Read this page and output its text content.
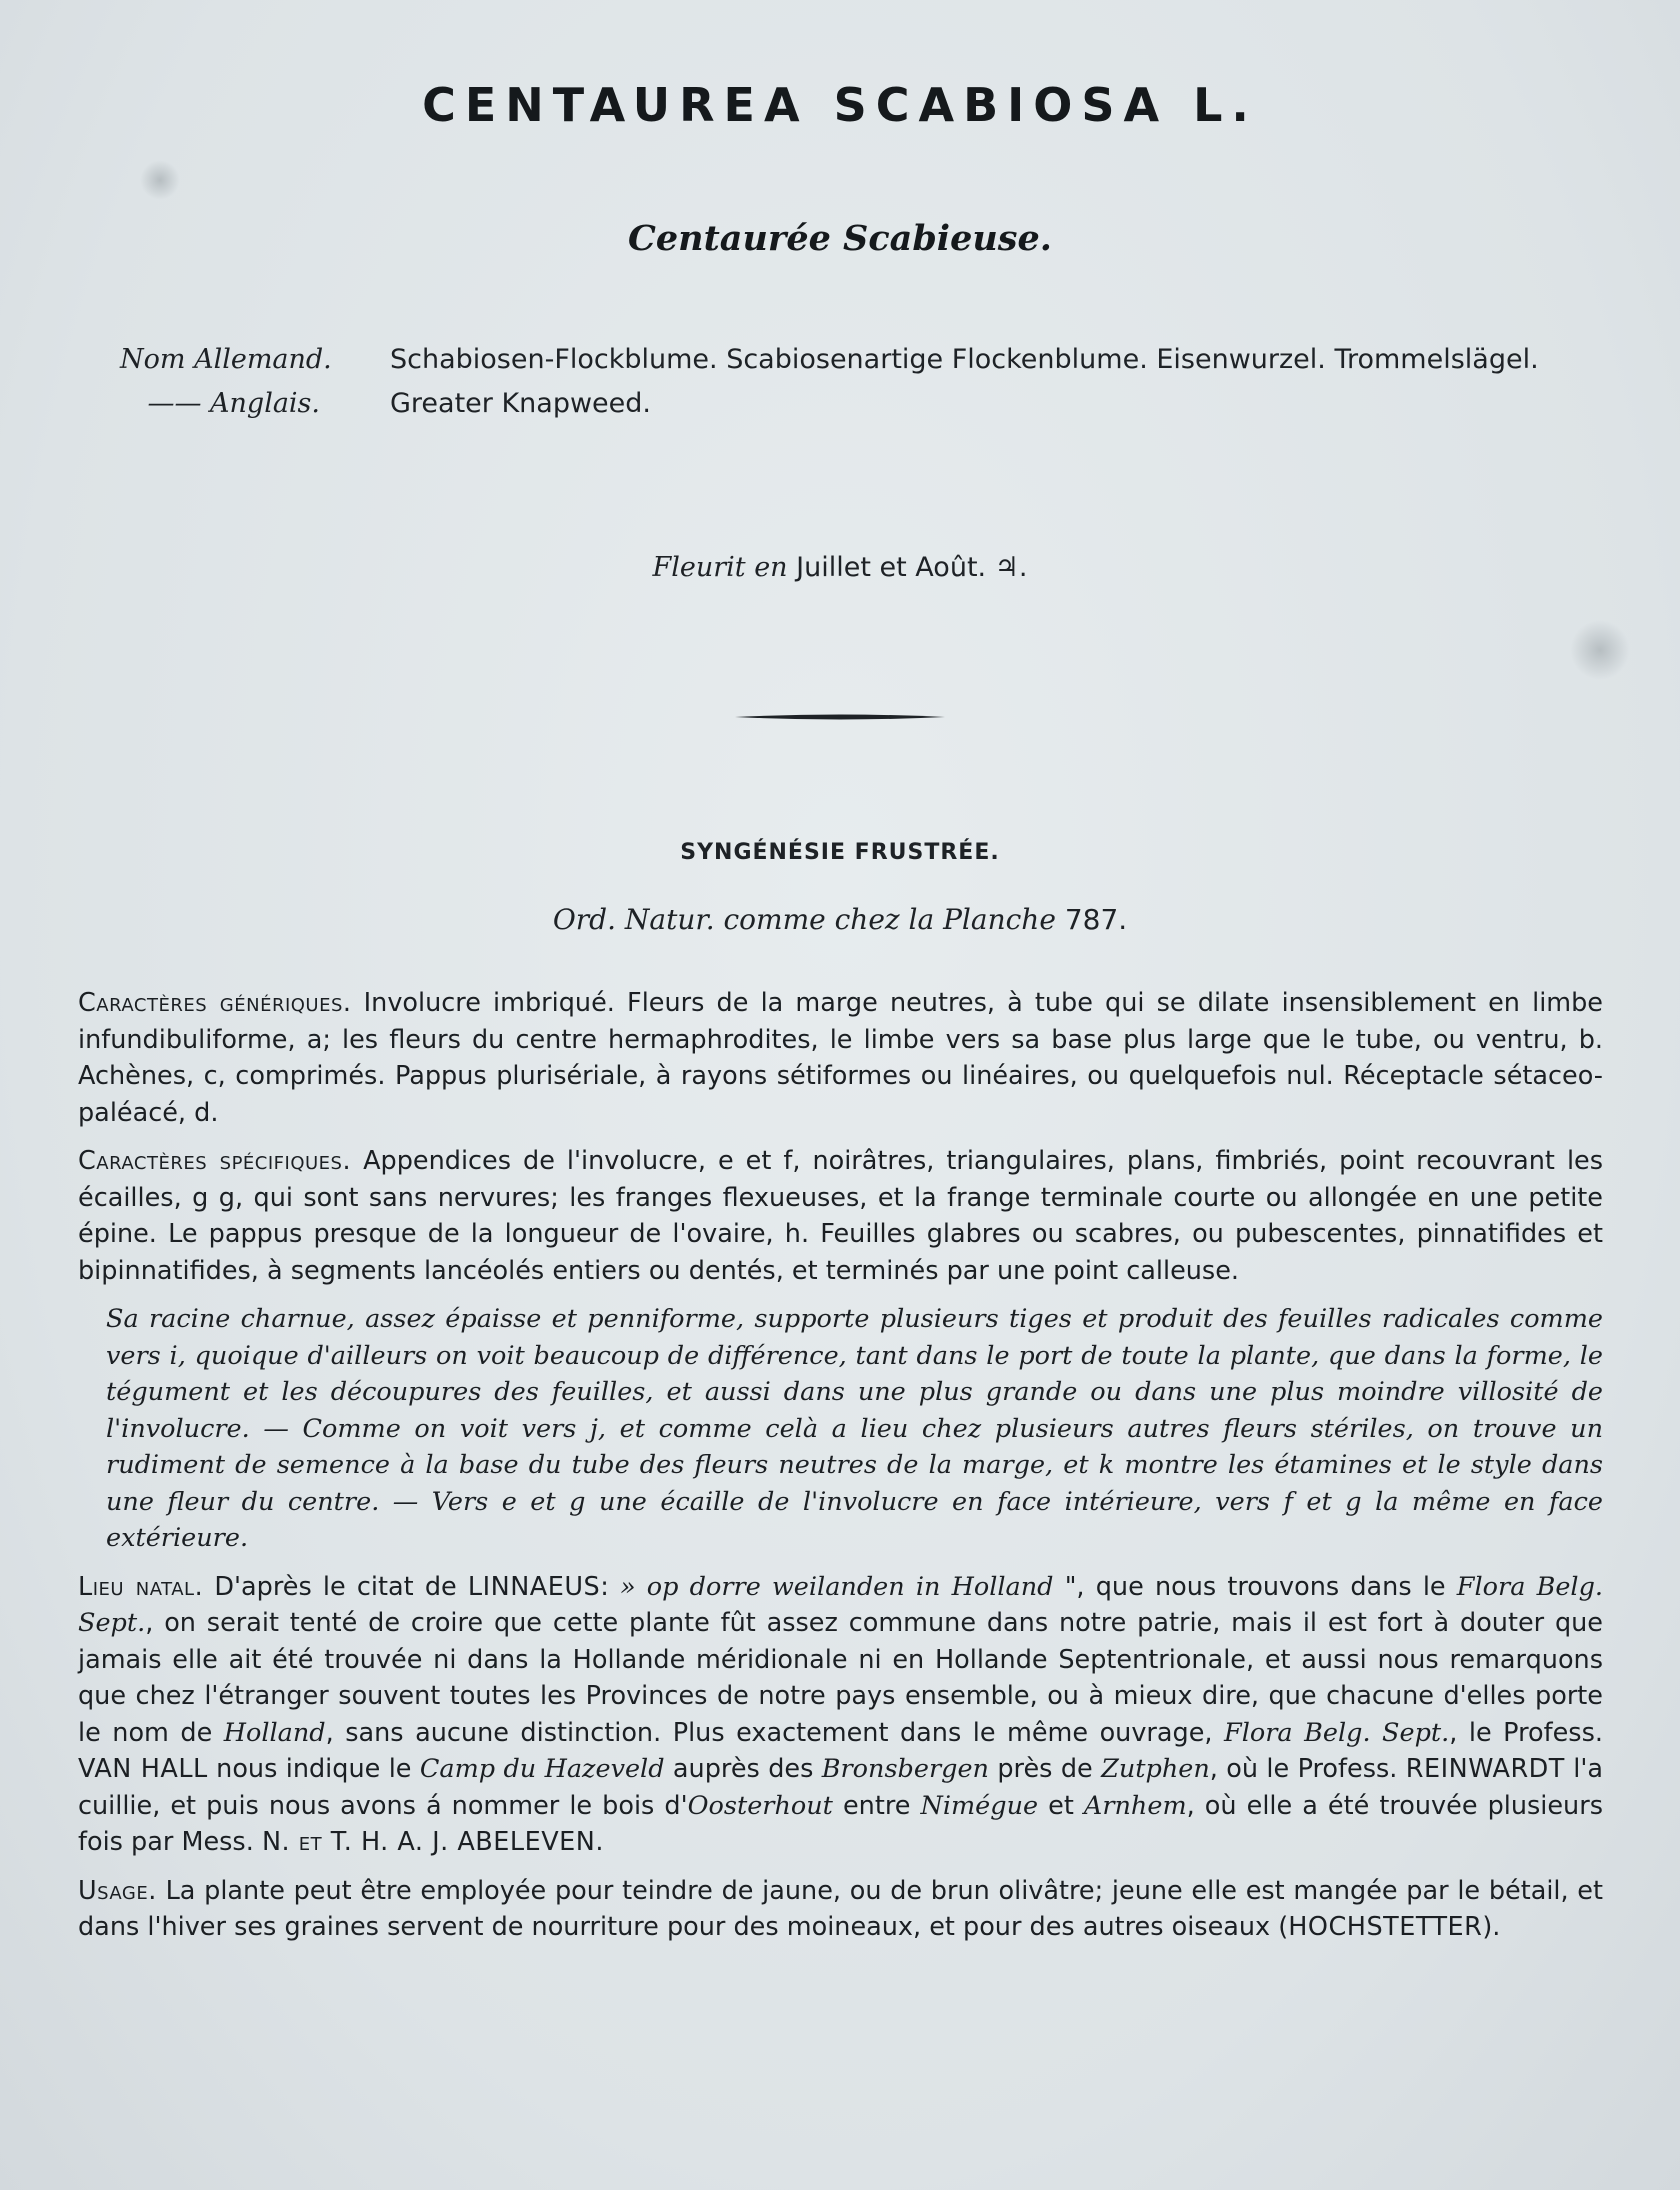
CENTAUREA SCABIOSA L.
Centaurée Scabieuse.
Nom Allemand.	Schabiosen-Flockblume. Scabiosenartige Flockenblume. Eisenwurzel. Trommelslägel.
—— Anglais.	Greater Knapweed.
Fleurit en Juillet et Août. ♃.
SYNGÉNÉSIE FRUSTRÉE.
Ord. Natur. comme chez la Planche 787.

Caractères génériques. Involucre imbriqué. Fleurs de la marge neutres, à tube qui se dilate insensiblement en limbe infundibuliforme, a; les fleurs du centre hermaphrodites, le limbe vers sa base plus large que le tube, ou ventru, b. Achènes, c, comprimés. Pappus plurisériale, à rayons sétiformes ou linéaires, ou quelquefois nul. Réceptacle sétaceo-paléacé, d.

Caractères spécifiques. Appendices de l'involucre, e et f, noirâtres, triangulaires, plans, fimbriés, point recouvrant les écailles, g g, qui sont sans nervures; les franges flexueuses, et la frange terminale courte ou allongée en une petite épine. Le pappus presque de la longueur de l'ovaire, h. Feuilles glabres ou scabres, ou pubescentes, pinnatifides et bipinnatifides, à segments lancéolés entiers ou dentés, et terminés par une point calleuse.

Sa racine charnue, assez épaisse et penniforme, supporte plusieurs tiges et produit des feuilles radicales comme vers i, quoique d'ailleurs on voit beaucoup de différence, tant dans le port de toute la plante, que dans la forme, le tégument et les découpures des feuilles, et aussi dans une plus grande ou dans une plus moindre villosité de l'involucre. — Comme on voit vers j, et comme celà a lieu chez plusieurs autres fleurs stériles, on trouve un rudiment de semence à la base du tube des fleurs neutres de la marge, et k montre les étamines et le style dans une fleur du centre. — Vers e et g une écaille de l'involucre en face intérieure, vers f et g la même en face extérieure.

Lieu natal. D'après le citat de LINNAEUS: » op dorre weilanden in Holland ", que nous trouvons dans le Flora Belg. Sept., on serait tenté de croire que cette plante fût assez commune dans notre patrie, mais il est fort à douter que jamais elle ait été trouvée ni dans la Hollande méridionale ni en Hollande Septentrionale, et aussi nous remarquons que chez l'étranger souvent toutes les Provinces de notre pays ensemble, ou à mieux dire, que chacune d'elles porte le nom de Holland, sans aucune distinction. Plus exactement dans le même ouvrage, Flora Belg. Sept., le Profess. VAN HALL nous indique le Camp du Hazeveld auprès des Bronsbergen près de Zutphen, où le Profess. REINWARDT l'a cuillie, et puis nous avons á nommer le bois d'Oosterhout entre Nimégue et Arnhem, où elle a été trouvée plusieurs fois par Mess. N. et T. H. A. J. ABELEVEN.

Usage. La plante peut être employée pour teindre de jaune, ou de brun olivâtre; jeune elle est mangée par le bétail, et dans l'hiver ses graines servent de nourriture pour des moineaux, et pour des autres oiseaux (HOCHSTETTER).
